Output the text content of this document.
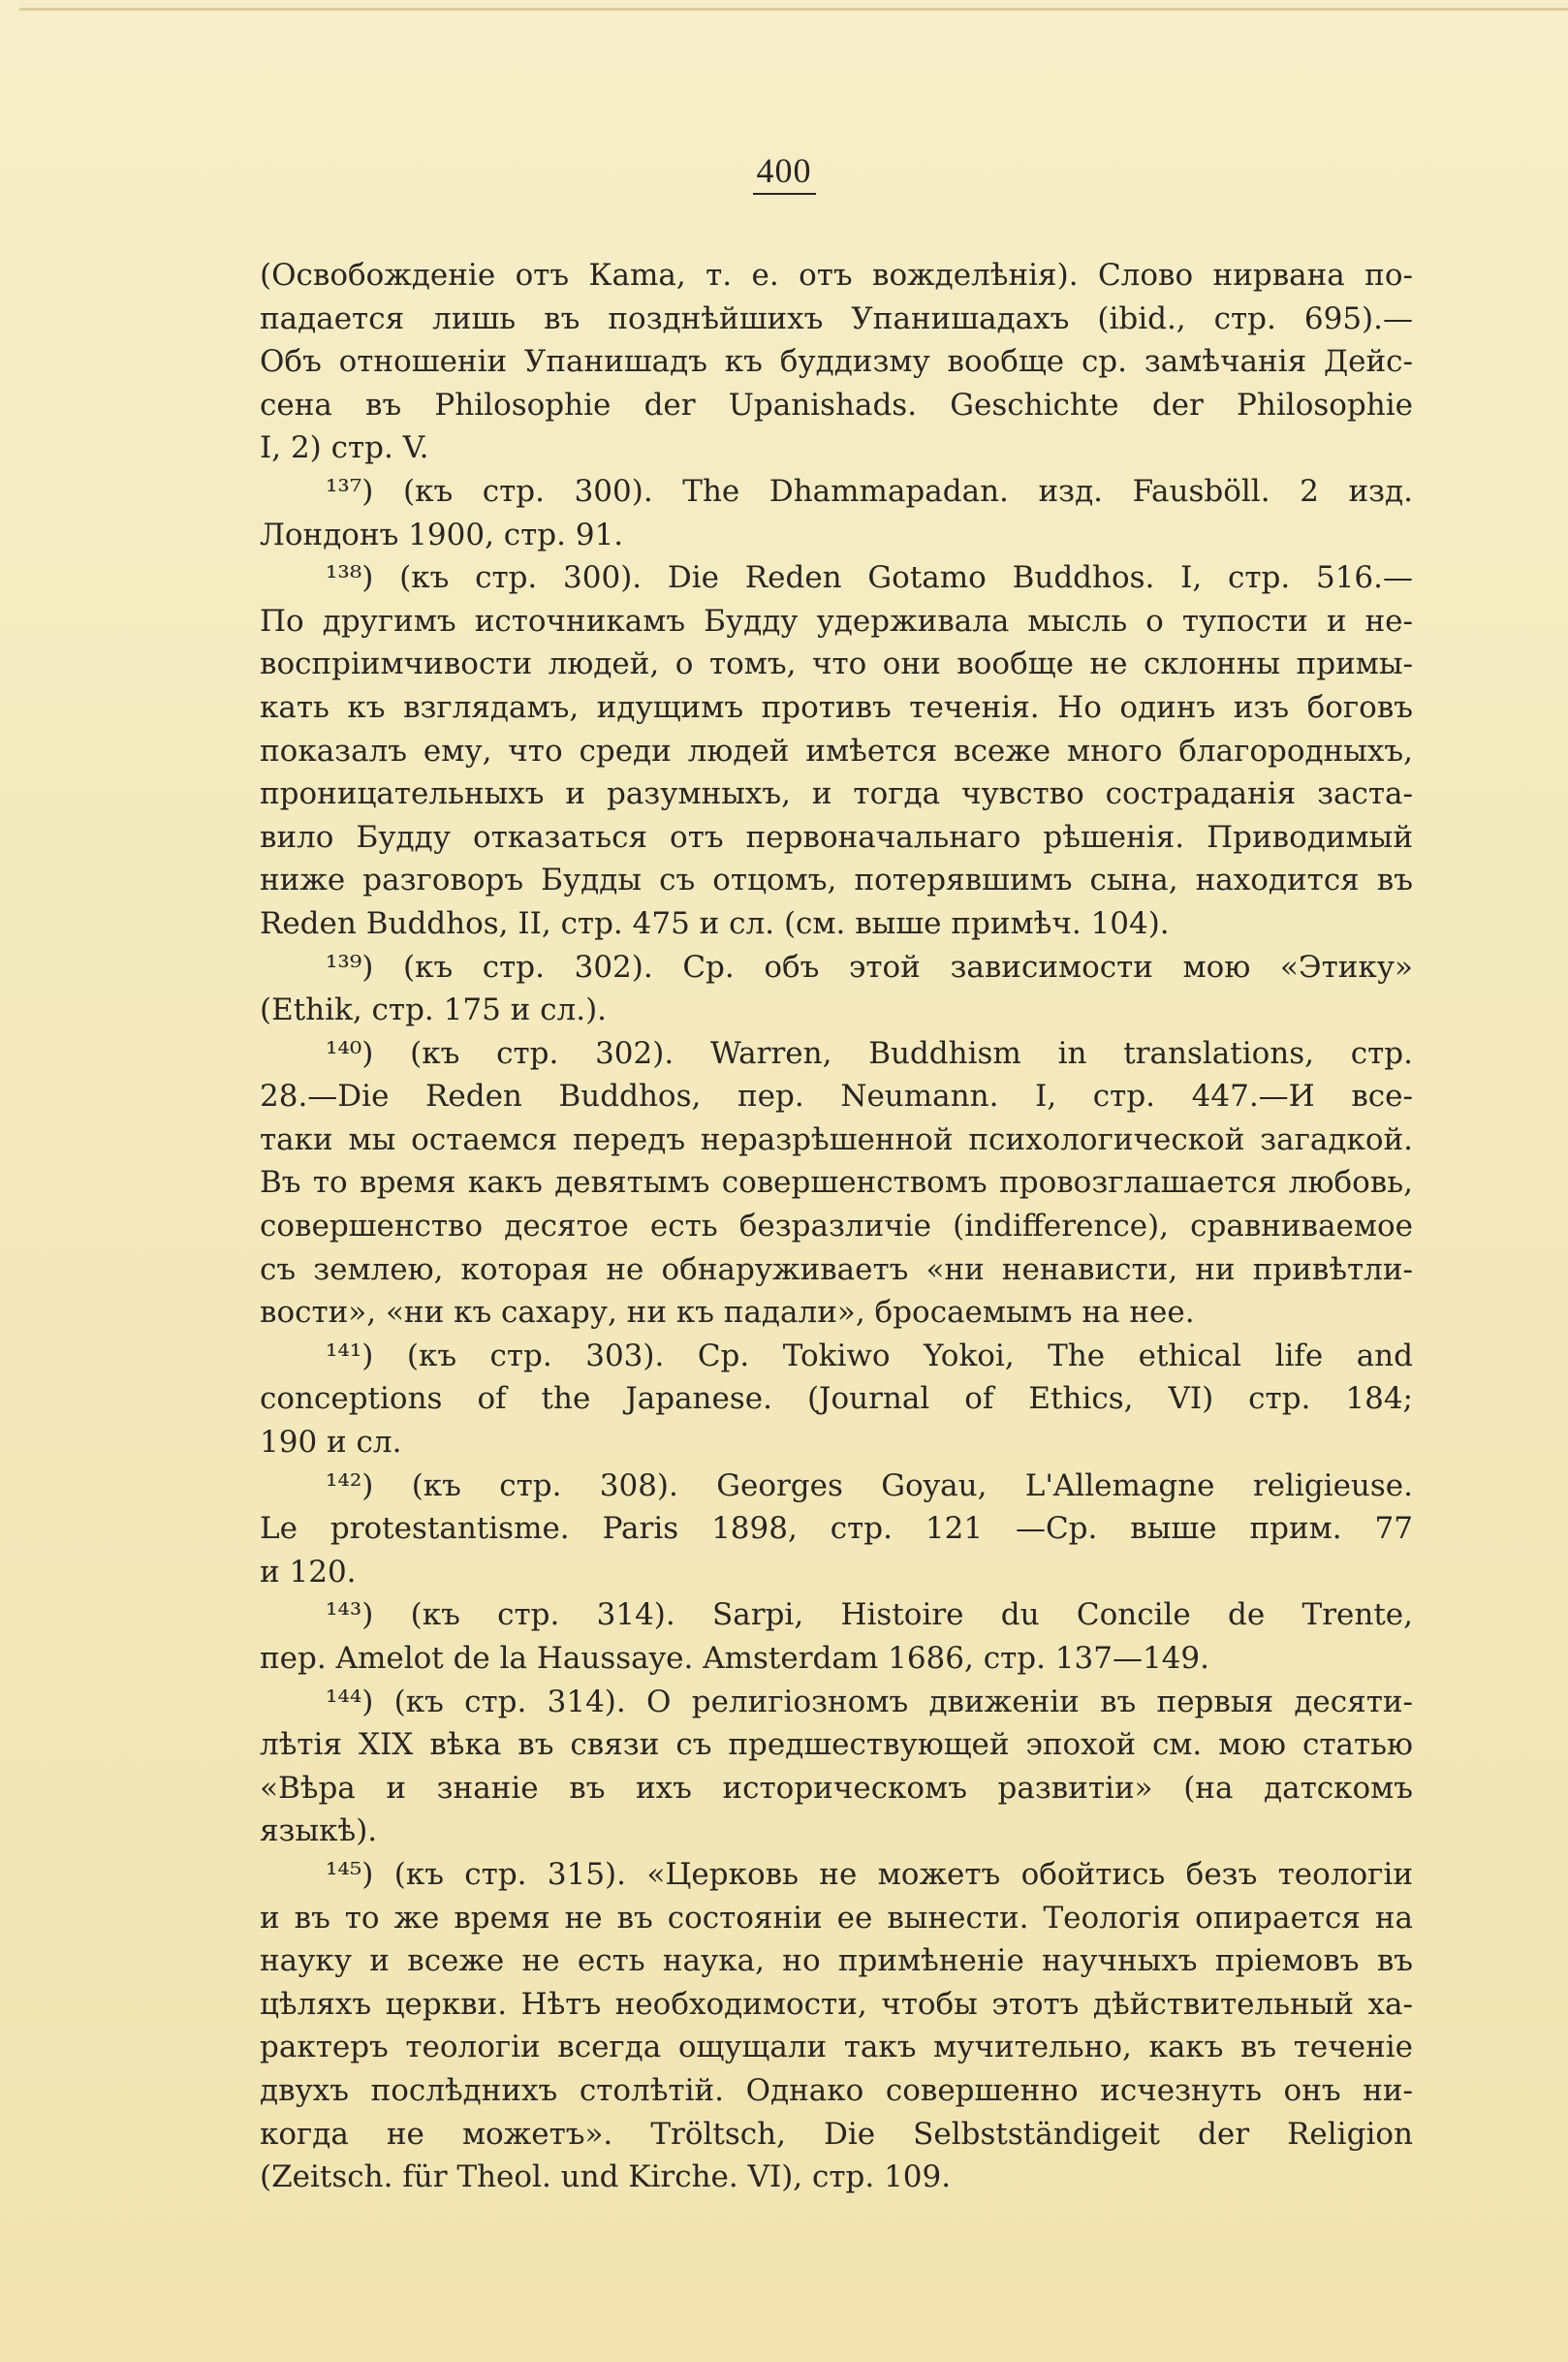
400
(Освобожденіе отъ Кama, т. е. отъ вожделѣнія). Слово нирвана по-
падается лишь въ позднѣйшихъ Упанишадахъ (ibid., стр. 695).—
Объ отношеніи Упанишадъ къ буддизму вообще ср. замѣчанія Дейс-
сена въ Philosophie der Upanishads. Geschichte der Philosophie
I, 2) стр. V.
¹³⁷) (къ стр. 300). The Dhammapadan. изд. Fausböll. 2 изд.
Лондонъ 1900, стр. 91.
¹³⁸) (къ стр. 300). Die Reden Gotamo Buddhos. I, стр. 516.—
По другимъ источникамъ Будду удерживала мысль о тупости и не-
воспріимчивости людей, о томъ, что они вообще не склонны примы-
кать къ взглядамъ, идущимъ противъ теченія. Но одинъ изъ боговъ
показалъ ему, что среди людей имѣется всеже много благородныхъ,
проницательныхъ и разумныхъ, и тогда чувство состраданія заста-
вило Будду отказаться отъ первоначальнаго рѣшенія. Приводимый
ниже разговоръ Будды съ отцомъ, потерявшимъ сына, находится въ
Reden Buddhos, II, стр. 475 и сл. (см. выше примѣч. 104).
¹³⁹) (къ стр. 302). Ср. объ этой зависимости мою «Этику»
(Ethik, стр. 175 и сл.).
¹⁴⁰) (къ стр. 302). Warren, Buddhism in translations, стр.
28.—Die Reden Buddhos, пер. Neumann. I, стр. 447.—И все-
таки мы остаемся передъ неразрѣшенной психологической загадкой.
Въ то время какъ девятымъ совершенствомъ провозглашается любовь,
совершенство десятое есть безразличіе (indifference), сравниваемое
съ землею, которая не обнаруживаетъ «ни ненависти, ни привѣтли-
вости», «ни къ сахару, ни къ падали», бросаемымъ на нее.
¹⁴¹) (къ стр. 303). Ср. Tokiwo Yokoi, The ethical life and
conceptions of the Japanese. (Journal of Ethics, VI) стр. 184;
190 и сл.
¹⁴²) (къ стр. 308). Georges Goyau, L'Allemagne religieuse.
Le protestantisme. Paris 1898, стр. 121 —Ср. выше прим. 77
и 120.
¹⁴³) (къ стр. 314). Sarpi, Histoire du Concile de Trente,
пер. Amelot de la Haussaye. Amsterdam 1686, стр. 137—149.
¹⁴⁴) (къ стр. 314). О религіозномъ движеніи въ первыя десяти-
лѣтія XIX вѣка въ связи съ предшествующей эпохой см. мою статью
«Вѣра и знаніе въ ихъ историческомъ развитіи» (на датскомъ
языкѣ).
¹⁴⁵) (къ стр. 315). «Церковь не можетъ обойтись безъ теологіи
и въ то же время не въ состояніи ее вынести. Теологія опирается на
науку и всеже не есть наука, но примѣненіе научныхъ пріемовъ въ
цѣляхъ церкви. Нѣтъ необходимости, чтобы этотъ дѣйствительный ха-
рактеръ теологіи всегда ощущали такъ мучительно, какъ въ теченіе
двухъ послѣднихъ столѣтій. Однако совершенно исчезнуть онъ ни-
когда не можетъ». Tröltsch, Die Selbstständigeit der Religion
(Zeitsch. für Theol. und Kirche. VI), стр. 109.
